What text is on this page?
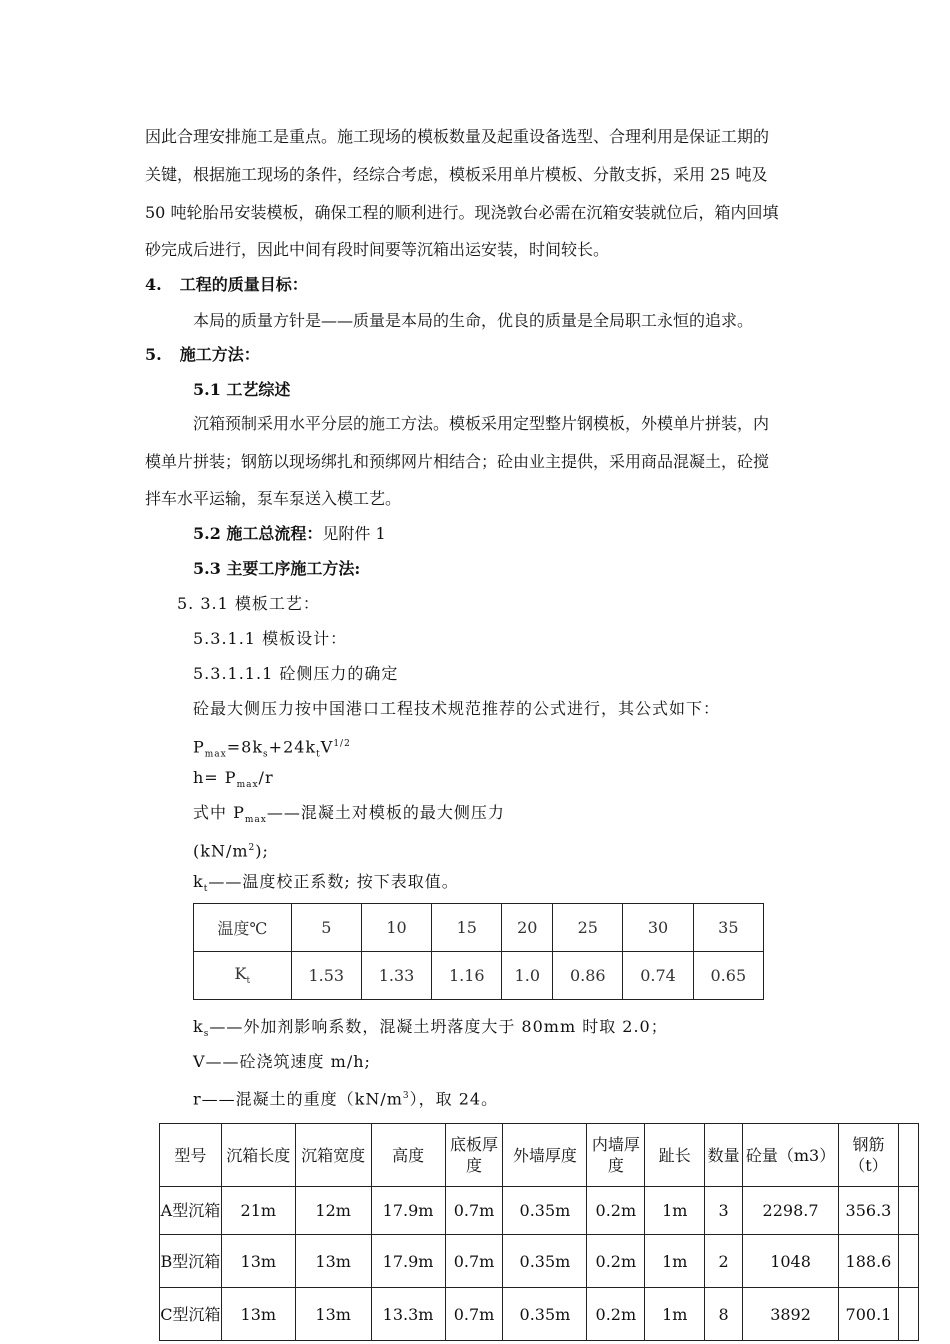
因此合理安排施工是重点。施工现场的模板数量及起重设备选型、合理利用是保证工期的
关键，根据施工现场的条件，经综合考虑，模板采用单片模板、分散支拆，采用 25 吨及
50 吨轮胎吊安装模板，确保工程的顺利进行。现浇敦台必需在沉箱安装就位后，箱内回填
砂完成后进行，因此中间有段时间要等沉箱出运安装，时间较长。
4. 工程的质量目标：
本局的质量方针是——质量是本局的生命，优良的质量是全局职工永恒的追求。
5. 施工方法：
5.1 工艺综述
沉箱预制采用水平分层的施工方法。模板采用定型整片钢模板，外模单片拼装，内
模单片拼装；钢筋以现场绑扎和预绑网片相结合；砼由业主提供，采用商品混凝土，砼搅
拌车水平运输，泵车泵送入模工艺。
5.2 施工总流程：见附件 1
5.3 主要工序施工方法:
5. 3.1 模板工艺：
5.3.1.1 模板设计：
5.3.1.1.1 砼侧压力的确定
砼最大侧压力按中国港口工程技术规范推荐的公式进行，其公式如下：
$P_{max}=8k_s+24k_tV^{1/2}$
$h= P_{max}/r$
式中 $P_{max}——$混凝土对模板的最大侧压力
$(kN/m^2)$;
$k_t——$温度校正系数; 按下表取值。
温度℃	5	10	15	20	25	30	35
$K_t$	1.53	1.33	1.16	1.0	0.86	0.74	0.65
$k_s——$外加剂影响系数，混凝土坍落度大于 80mm 时取 2.0；
V——砼浇筑速度 m/h;
r——混凝土的重度$(kN/m^3)$，取 24。
型号	沉箱长度	沉箱宽度	高度	底板厚度	外墙厚度	内墙厚度	趾长	数量	砼量（m3）	钢筋（t）	
A型沉箱	21m	12m	17.9m	0.7m	0.35m	0.2m	1m	3	2298.7	356.3	
B型沉箱	13m	13m	17.9m	0.7m	0.35m	0.2m	1m	2	1048	188.6	
C型沉箱	13m	13m	13.3m	0.7m	0.35m	0.2m	1m	8	3892	700.1	
